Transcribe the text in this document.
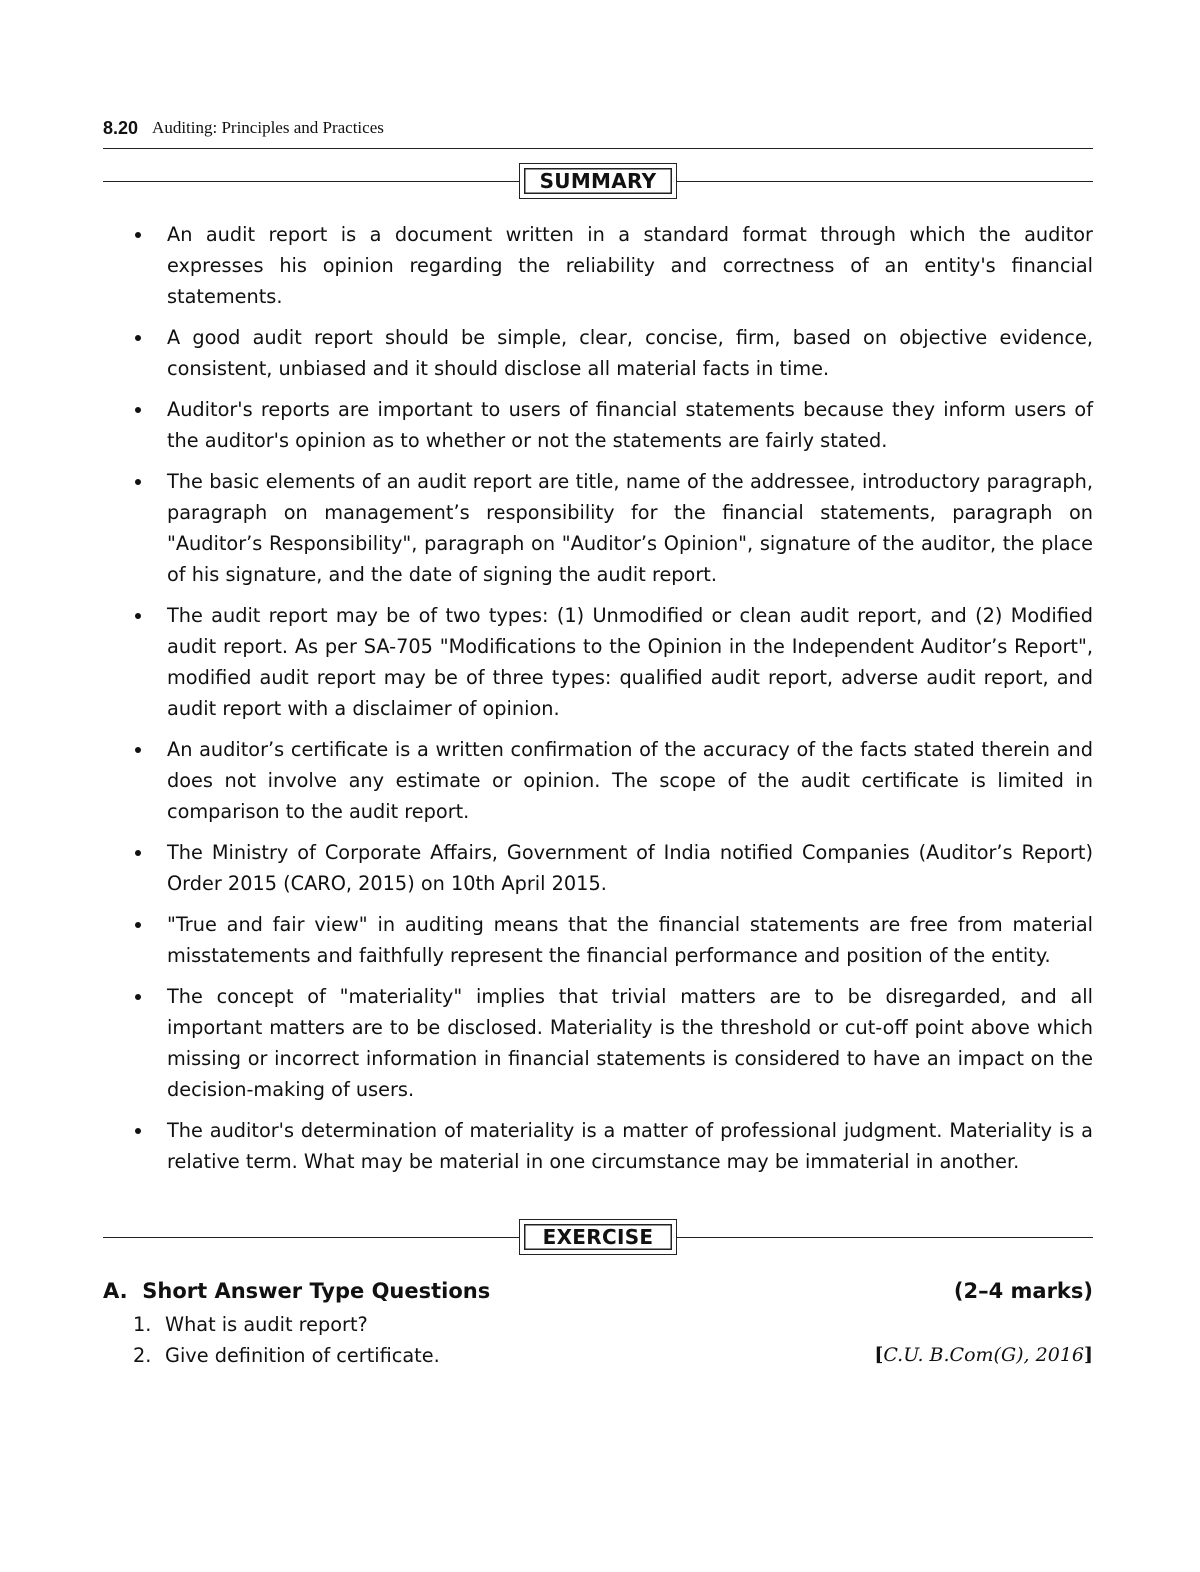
8.20 Auditing: Principles and Practices
SUMMARY
An audit report is a document written in a standard format through which the auditor expresses his opinion regarding the reliability and correctness of an entity's financial statements.
A good audit report should be simple, clear, concise, firm, based on objective evidence, consistent, unbiased and it should disclose all material facts in time.
Auditor's reports are important to users of financial statements because they inform users of the auditor's opinion as to whether or not the statements are fairly stated.
The basic elements of an audit report are title, name of the addressee, introductory paragraph, paragraph on management’s responsibility for the financial statements, paragraph on "Auditor’s Responsibility", paragraph on "Auditor’s Opinion", signature of the auditor, the place of his signature, and the date of signing the audit report.
The audit report may be of two types: (1) Unmodified or clean audit report, and (2) Modified audit report. As per SA-705 "Modifications to the Opinion in the Independent Auditor’s Report", modified audit report may be of three types: qualified audit report, adverse audit report, and audit report with a disclaimer of opinion.
An auditor’s certificate is a written confirmation of the accuracy of the facts stated therein and does not involve any estimate or opinion. The scope of the audit certificate is limited in comparison to the audit report.
The Ministry of Corporate Affairs, Government of India notified Companies (Auditor’s Report) Order 2015 (CARO, 2015) on 10th April 2015.
"True and fair view" in auditing means that the financial statements are free from material misstatements and faithfully represent the financial performance and position of the entity.
The concept of "materiality" implies that trivial matters are to be disregarded, and all important matters are to be disclosed. Materiality is the threshold or cut-off point above which missing or incorrect information in financial statements is considered to have an impact on the decision-making of users.
The auditor's determination of materiality is a matter of professional judgment. Materiality is a relative term. What may be material in one circumstance may be immaterial in another.
EXERCISE
A.  Short Answer Type Questions	(2–4 marks)
1. What is audit report?
2. Give definition of certificate.	[C.U. B.Com(G), 2016]
